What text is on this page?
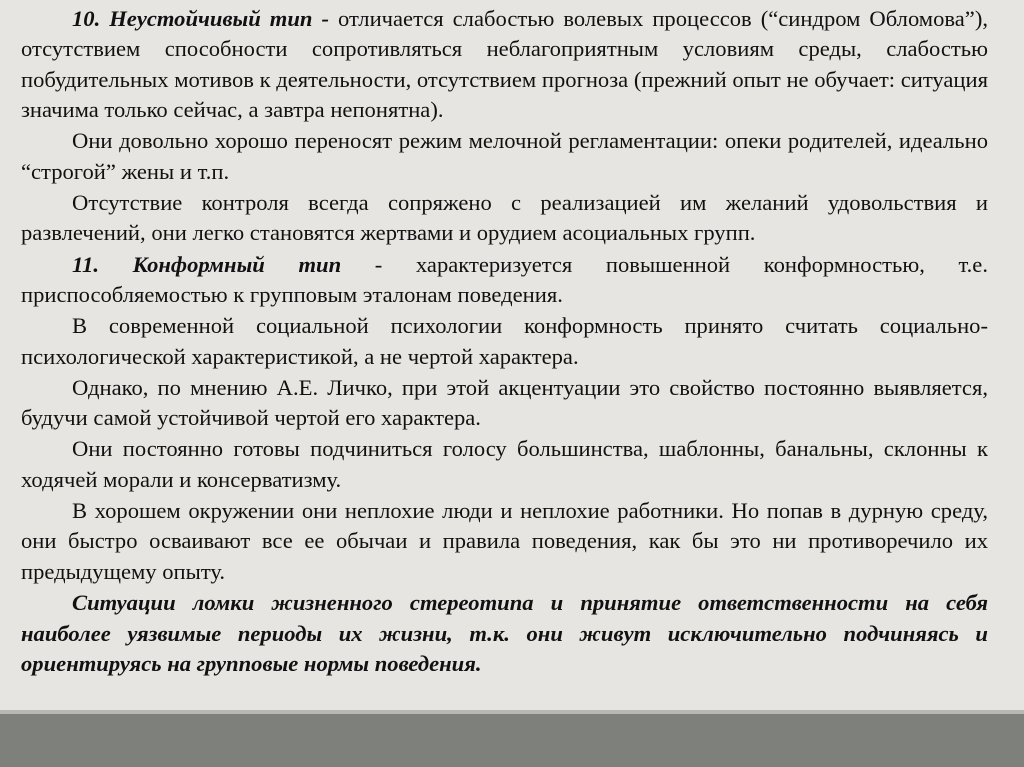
10. Неустойчивый тип - отличается слабостью волевых процессов (“синдром Обломова”), отсутствием способности сопротивляться неблагоприятным условиям среды, слабостью побудительных мотивов к деятельности, отсутствием прогноза (прежний опыт не обучает: ситуация значима только сейчас, а завтра непонятна).

Они довольно хорошо переносят режим мелочной регламентации: опеки родителей, идеально “строгой” жены и т.п.

Отсутствие контроля всегда сопряжено с реализацией им желаний удовольствия и развлечений, они легко становятся жертвами и орудием асоциальных групп.

11. Конформный тип - характеризуется повышенной конформностью, т.е. приспособляемостью к групповым эталонам поведения.

В современной социальной психологии конформность принято считать социально-психологической характеристикой, а не чертой характера.

Однако, по мнению А.Е. Личко, при этой акцентуации это свойство постоянно выявляется, будучи самой устойчивой чертой его характера.

Они постоянно готовы подчиниться голосу большинства, шаблонны, банальны, склонны к ходячей морали и консерватизму.

В хорошем окружении они неплохие люди и неплохие работники. Но попав в дурную среду, они быстро осваивают все ее обычаи и правила поведения, как бы это ни противоречило их предыдущему опыту.

Ситуации ломки жизненного стереотипа и принятие ответственности на себя наиболее уязвимые периоды их жизни, т.к. они живут исключительно подчиняясь и ориентируясь на групповые нормы поведения.
